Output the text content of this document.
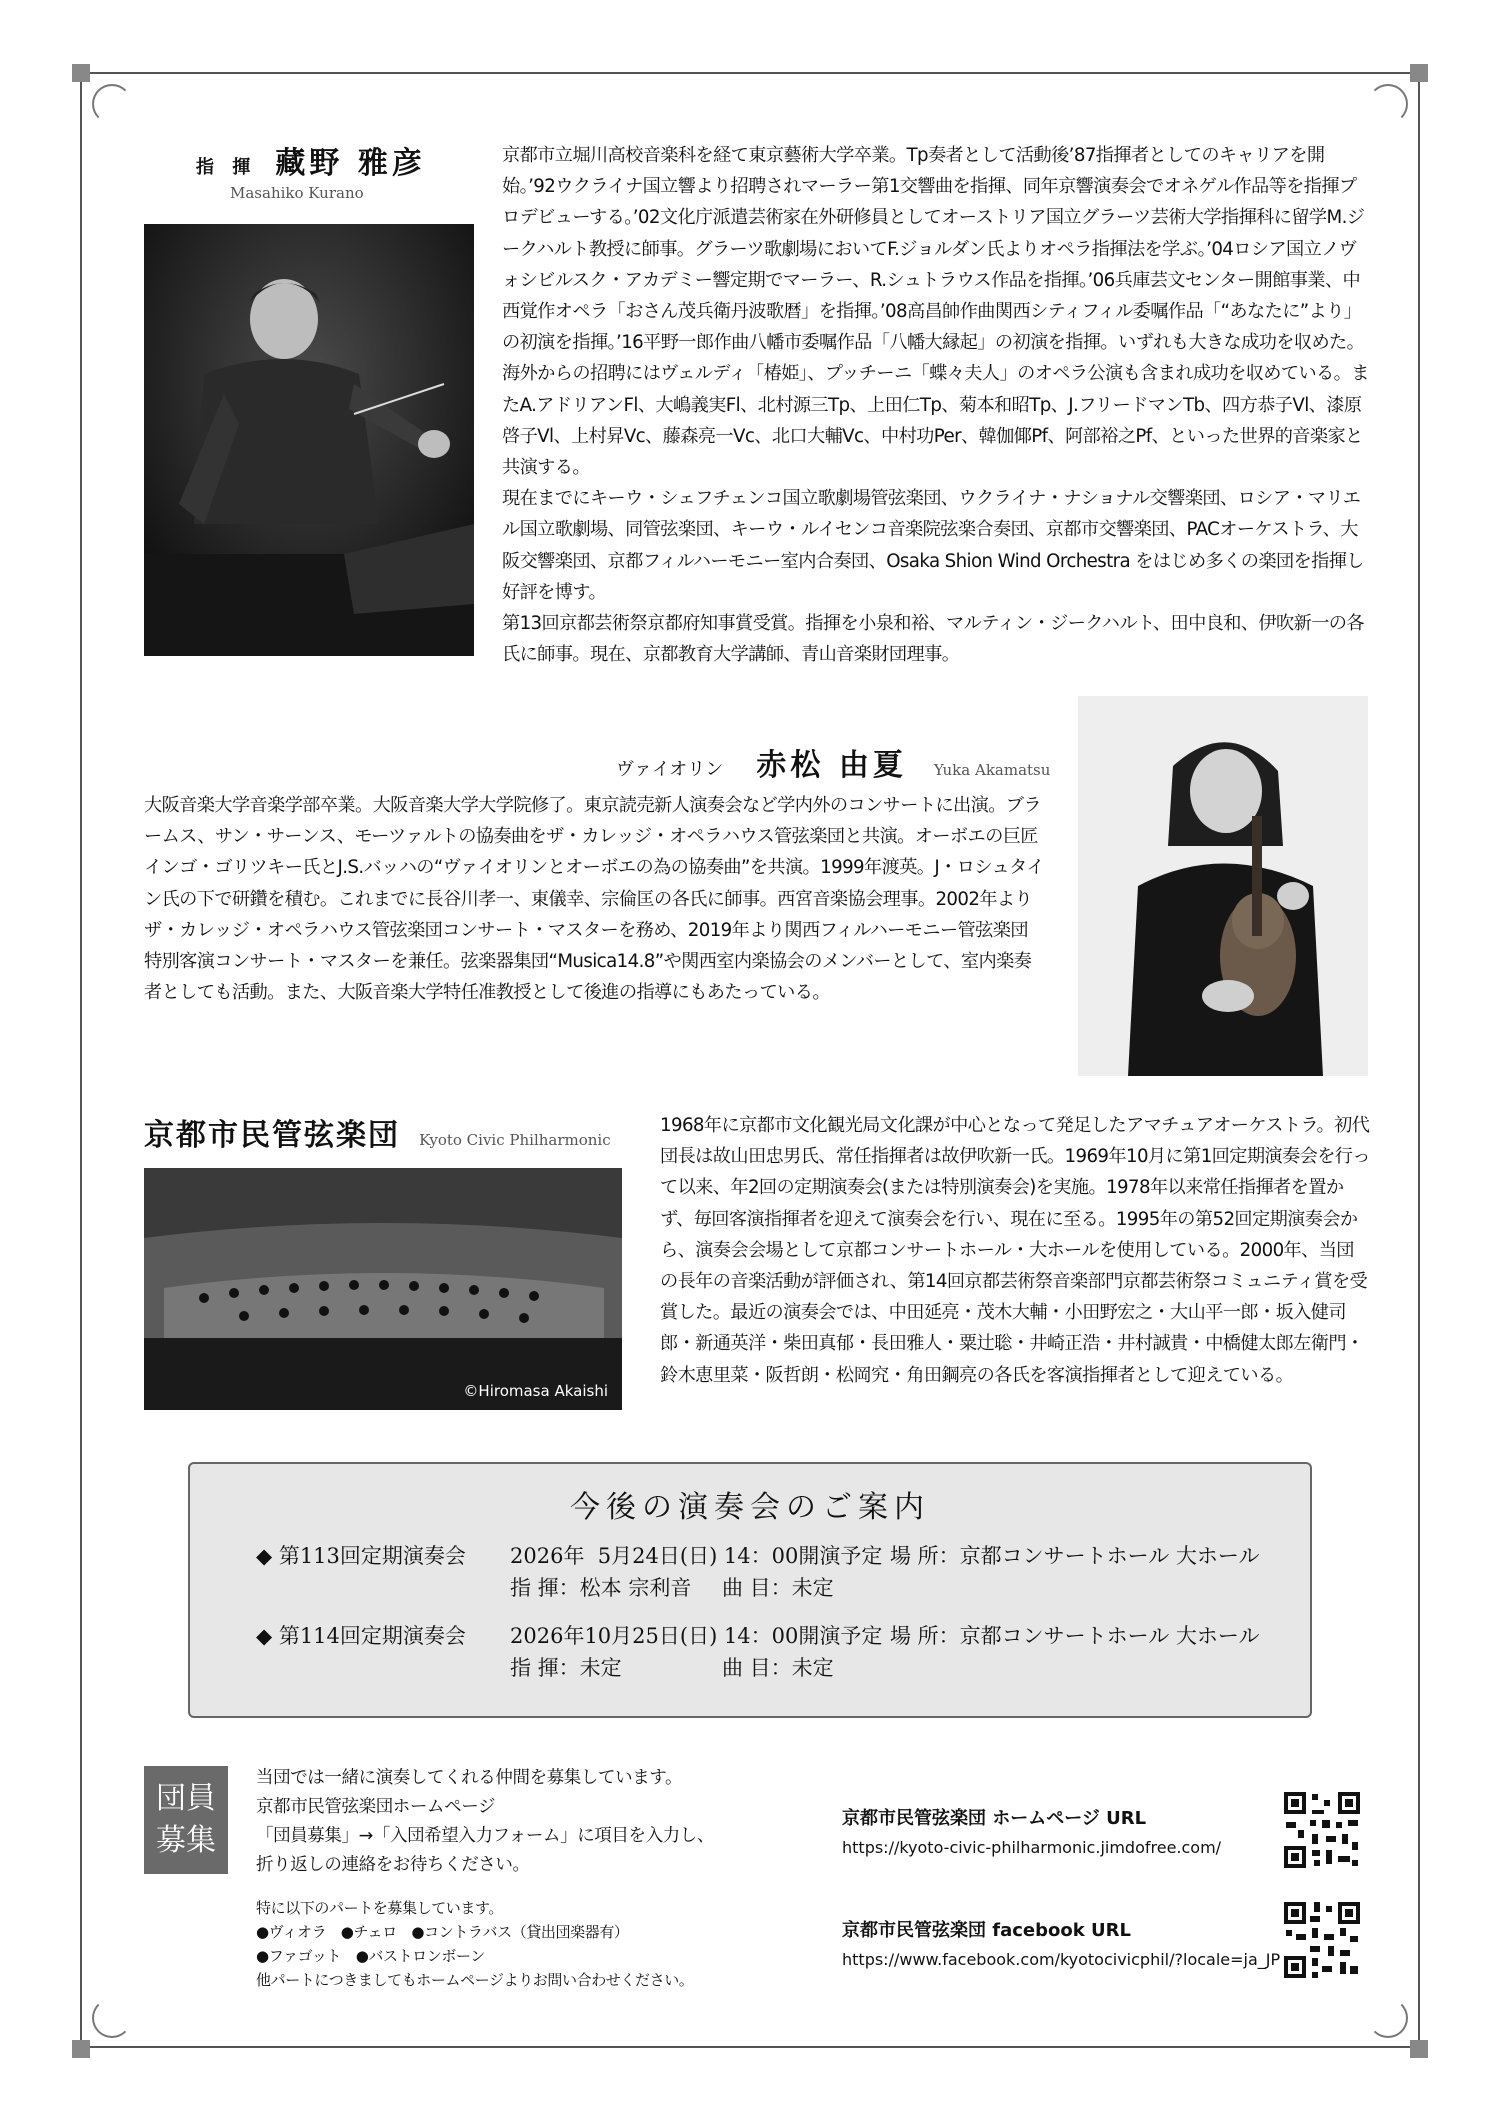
指 揮 藏野 雅彦
Masahiko Kurano

京都市立堀川高校音楽科を経て東京藝術大学卒業。Tp奏者として活動後’87指揮者としてのキャリアを開始。’92ウクライナ国立響より招聘されマーラー第1交響曲を指揮、同年京響演奏会でオネゲル作品等を指揮プロデビューする。’02文化庁派遣芸術家在外研修員としてオーストリア国立グラーツ芸術大学指揮科に留学M.ジークハルト教授に師事。グラーツ歌劇場においてF.ジョルダン氏よりオペラ指揮法を学ぶ。’04ロシア国立ノヴォシビルスク・アカデミー響定期でマーラー、R.シュトラウス作品を指揮。’06兵庫芸文センター開館事業、中西覚作オペラ「おさん茂兵衛丹波歌暦」を指揮。’08高昌帥作曲関西シティフィル委嘱作品「“あなたに”より」の初演を指揮。’16平野一郎作曲八幡市委嘱作品「八幡大縁起」の初演を指揮。いずれも大きな成功を収めた。海外からの招聘にはヴェルディ「椿姫」、プッチーニ「蝶々夫人」のオペラ公演も含まれ成功を収めている。またA.アドリアンFl、大嶋義実Fl、北村源三Tp、上田仁Tp、菊本和昭Tp、J.フリードマンTb、四方恭子Vl、漆原啓子Vl、上村昇Vc、藤森亮一Vc、北口大輔Vc、中村功Per、韓伽倻Pf、阿部裕之Pf、といった世界的音楽家と共演する。

現在までにキーウ・シェフチェンコ国立歌劇場管弦楽団、ウクライナ・ナショナル交響楽団、ロシア・マリエル国立歌劇場、同管弦楽団、キーウ・ルイセンコ音楽院弦楽合奏団、京都市交響楽団、PACオーケストラ、大阪交響楽団、京都フィルハーモニー室内合奏団、Osaka Shion Wind Orchestra をはじめ多くの楽団を指揮し好評を博す。

第13回京都芸術祭京都府知事賞受賞。指揮を小泉和裕、マルティン・ジークハルト、田中良和、伊吹新一の各氏に師事。現在、京都教育大学講師、青山音楽財団理事。

ヴァイオリン 赤松 由夏 Yuka Akamatsu
大阪音楽大学音楽学部卒業。大阪音楽大学大学院修了。東京読売新人演奏会など学内外のコンサートに出演。ブラームス、サン・サーンス、モーツァルトの協奏曲をザ・カレッジ・オペラハウス管弦楽団と共演。オーボエの巨匠インゴ・ゴリツキー氏とJ.S.バッハの“ヴァイオリンとオーボエの為の協奏曲”を共演。1999年渡英。J・ロシュタイン氏の下で研鑽を積む。これまでに長谷川孝一、東儀幸、宗倫匡の各氏に師事。西宮音楽協会理事。2002年よりザ・カレッジ・オペラハウス管弦楽団コンサート・マスターを務め、2019年より関西フィルハーモニー管弦楽団特別客演コンサート・マスターを兼任。弦楽器集団“Musica14.8”や関西室内楽協会のメンバーとして、室内楽奏者としても活動。また、大阪音楽大学特任准教授として後進の指導にもあたっている。
京都市民管弦楽団 Kyoto Civic Philharmonic
©Hiromasa Akaishi
1968年に京都市文化観光局文化課が中心となって発足したアマチュアオーケストラ。初代団長は故山田忠男氏、常任指揮者は故伊吹新一氏。1969年10月に第1回定期演奏会を行って以来、年2回の定期演奏会(または特別演奏会)を実施。1978年以来常任指揮者を置かず、毎回客演指揮者を迎えて演奏会を行い、現在に至る。1995年の第52回定期演奏会から、演奏会会場として京都コンサートホール・大ホールを使用している。2000年、当団の長年の音楽活動が評価され、第14回京都芸術祭音楽部門京都芸術祭コミュニティ賞を受賞した。最近の演奏会では、中田延亮・茂木大輔・小田野宏之・大山平一郎・坂入健司郎・新通英洋・柴田真郁・長田雅人・粟辻聡・井崎正浩・井村誠貴・中橋健太郎左衛門・鈴木恵里菜・阪哲朗・松岡究・角田鋼亮の各氏を客演指揮者として迎えている。
今後の演奏会のご案内
◆ 第113回定期演奏会 2026年  5月24日(日) 14：00開演予定 場 所：京都コンサートホール 大ホール
指 揮：松本 宗利音 曲 目：未定
◆ 第114回定期演奏会 2026年10月25日(日) 14：00開演予定 場 所：京都コンサートホール 大ホール
指 揮：未定	曲 目：未定
団員
募集
当団では一緒に演奏してくれる仲間を募集しています。
京都市民管弦楽団ホームページ
「団員募集」→「入団希望入力フォーム」に項目を入力し、
折り返しの連絡をお待ちください。
特に以下のパートを募集しています。
●ヴィオラ　●チェロ　●コントラバス（貸出団楽器有）
●ファゴット　●バストロンボーン
他パートにつきましてもホームページよりお問い合わせください。
京都市民管弦楽団 ホームページ URL
https://kyoto-civic-philharmonic.jimdofree.com/
京都市民管弦楽団 facebook URL
https://www.facebook.com/kyotocivicphil/?locale=ja_JP
